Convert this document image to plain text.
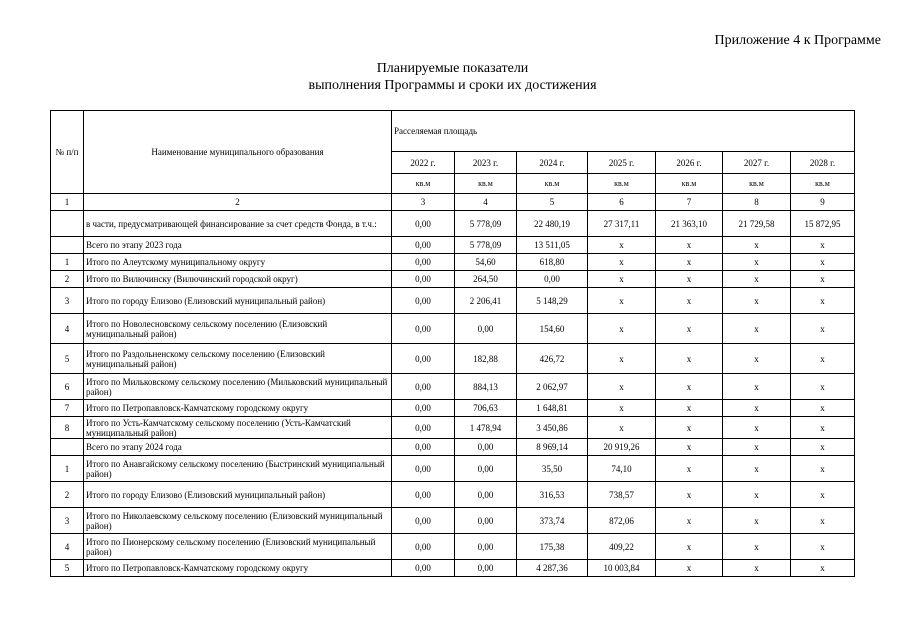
Приложение 4 к Программе
Планируемые показатели
выполнения Программы и сроки их достижения
№ п/п	Наименование муниципального образования	Расселяемая площадь						
		2022 г.	2023 г.	2024 г.	2025 г.	2026 г.	2027 г.	2028 г.
		кв.м	кв.м	кв.м	кв.м	кв.м	кв.м	кв.м
1	2	3	4	5	6	7	8	9
	в части, предусматривающей финансирование за счет средств Фонда, в т.ч.:	0,00	5 778,09	22 480,19	27 317,11	21 363,10	21 729,58	15 872,95
	Всего по этапу 2023 года	0,00	5 778,09	13 511,05	x	x	x	x
1	Итого по Алеутскому муниципальному округу	0,00	54,60	618,80	x	x	x	x
2	Итого по Вилючинску (Вилючинский городской округ)	0,00	264,50	0,00	x	x	x	x
3	Итого по городу Елизово (Елизовский муниципальный район)	0,00	2 206,41	5 148,29	x	x	x	x
4	Итого по Новолесновскому сельскому поселению (Елизовский муниципальный район)	0,00	0,00	154,60	x	x	x	x
5	Итого по Раздольненскому сельскому поселению (Елизовский муниципальный район)	0,00	182,88	426,72	x	x	x	x
6	Итого по Мильковскому сельскому поселению (Мильковский муниципальный район)	0,00	884,13	2 062,97	x	x	x	x
7	Итого по Петропавловск-Камчатскому городскому округу	0,00	706,63	1 648,81	x	x	x	x
8	Итого по Усть-Камчатскому сельскому поселению (Усть-Камчатский муниципальный район)	0,00	1 478,94	3 450,86	x	x	x	x
	Всего по этапу 2024 года	0,00	0,00	8 969,14	20 919,26	x	x	x
1	Итого по Анавгайскому сельскому поселению (Быстринский муниципальный район)	0,00	0,00	35,50	74,10	x	x	x
2	Итого по городу Елизово (Елизовский муниципальный район)	0,00	0,00	316,53	738,57	x	x	x
3	Итого по Николаевскому сельскому поселению (Елизовский муниципальный район)	0,00	0,00	373,74	872,06	x	x	x
4	Итого по Пионерскому сельскому поселению (Елизовский муниципальный район)	0,00	0,00	175,38	409,22	x	x	x
5	Итого по Петропавловск-Камчатскому городскому округу	0,00	0,00	4 287,36	10 003,84	x	x	x
